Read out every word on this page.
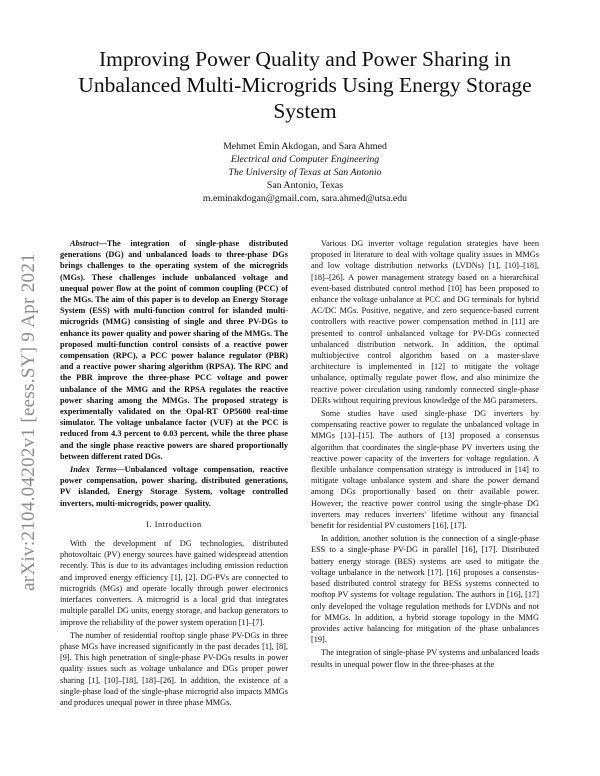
arXiv:2104.04202v1 [eess.SY] 9 Apr 2021
Improving Power Quality and Power Sharing in Unbalanced Multi-Microgrids Using Energy Storage System
Mehmet Emin Akdogan, and Sara Ahmed
Electrical and Computer Engineering
The University of Texas at San Antonio
San Antonio, Texas
m.eminakdogan@gmail.com, sara.ahmed@utsa.edu

Abstract—The integration of single-phase distributed generations (DG) and unbalanced loads to three-phase DGs brings challenges to the operating system of the microgrids (MGs). These challenges include unbalanced voltage and unequal power flow at the point of common coupling (PCC) of the MGs. The aim of this paper is to develop an Energy Storage System (ESS) with multi-function control for islanded multi-microgrids (MMG) consisting of single and three PV-DGs to enhance its power quality and power sharing of the MMGs. The proposed multi-function control consists of a reactive power compensation (RPC), a PCC power balance regulator (PBR) and a reactive power sharing algorithm (RPSA). The RPC and the PBR improve the three-phase PCC voltage and power unbalance of the MMG and the RPSA regulates the reactive power sharing among the MMGs. The proposed strategy is experimentally validated on the Opal-RT OP5600 real-time simulator. The voltage unbalance factor (VUF) at the PCC is reduced from 4.3 percent to 0.03 percent, while the three phase and the single phase reactive powers are shared proportionally between different rated DGs.

Index Terms—Unbalanced voltage compensation, reactive power compensation, power sharing, distributed generations, PV islanded, Energy Storage System, voltage controlled inverters, multi-microgrids, power quality.

I. Introduction

With the development of DG technologies, distributed photovoltaic (PV) energy sources have gained widespread attention recently. This is due to its advantages including emission reduction and improved energy efficiency [1], [2]. DG-PVs are connected to microgrids (MGs) and operate locally through power electronics interfaces converters. A microgrid is a local grid that integrates multiple parallel DG units, energy storage, and backup generators to improve the reliability of the power system operation [1]–[7].

The number of residential rooftop single phase PV-DGs in three phase MGs have increased significantly in the past decades [1], [8], [9]. This high penetration of single-phase PV-DGs results in power quality issues such as voltage unbalance and DGs proper power sharing [1], [10]–[18], [18]–[26]. In addition, the existence of a single-phase load of the single-phase microgrid also impacts MMGs and produces unequal power in three phase MMGs.

Various DG inverter voltage regulation strategies have been proposed in literature to deal with voltage quality issues in MMGs and low voltage distribution networks (LVDNs) [1], [10]–[18], [18]–[26]. A power management strategy based on a hierarchical event-based distributed control method [10] has been proposed to enhance the voltage unbalance at PCC and DG terminals for hybrid AC/DC MGs. Positive, negative, and zero sequence-based current controllers with reactive power compensation method in [11] are presented to control unbalanced voltage for PV-DGs connected unbalanced distribution network. In addition, the optimal multiobjective control algorithm based on a master-slave architecture is implemented in [12] to mitigate the voltage unbalance, optimally regulate power flow, and also minimize the reactive power circulation using randomly connected single-phase DERs without requiring previous knowledge of the MG parameters.

Some studies have used single-phase DG inverters by compensating reactive power to regulate the unbalanced voltage in MMGs [13]–[15]. The authors of [13] proposed a consensus algorithm that coordinates the single-phase PV inverters using the reactive power capacity of the inverters for voltage regulation. A flexible unbalance compensation strategy is introduced in [14] to mitigate voltage unbalance system and share the power demand among DGs proportionally based on their available power. However, the reactive power control using the single-phase DG inverters may reduces inverters' lifetime without any financial benefit for residential PV customers [16], [17].

In addition, another solution is the connection of a single-phase ESS to a single-phase PV-DG in parallel [16], [17]. Distributed battery energy storage (BES) systems are used to mitigate the voltage unbalance in the network [17]. [16] proposes a consensus-based distributed control strategy for BESs systems connected to rooftop PV systems for voltage regulation. The authors in [16], [17] only developed the voltage regulation methods for LVDNs and not for MMGs. In addition, a hybrid storage topology in the MMG provides active balancing for mitigation of the phase unbalances [19].

The integration of single-phase PV systems and unbalanced loads results in unequal power flow in the three-phases at the
